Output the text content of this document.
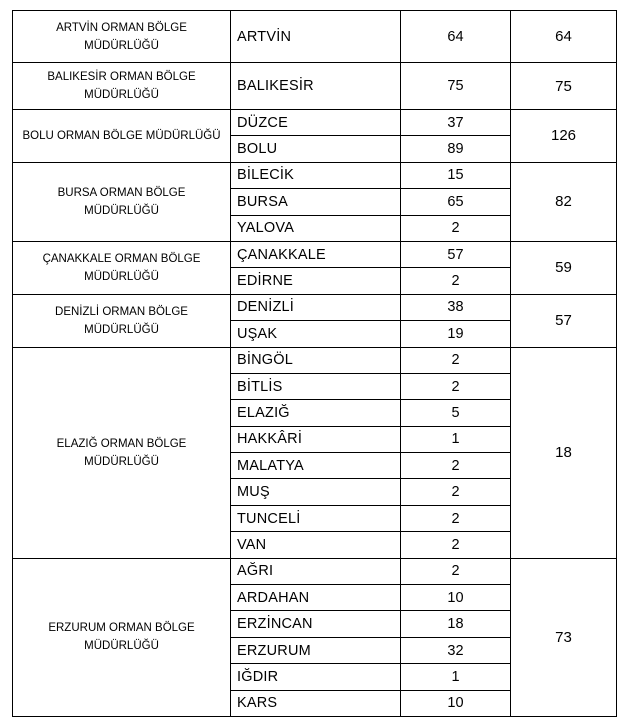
ARTVİN ORMAN BÖLGE MÜDÜRLÜĞÜ	ARTVİN	64	64
BALIKESİR ORMAN BÖLGE MÜDÜRLÜĞÜ	BALIKESİR	75	75
BOLU ORMAN BÖLGE MÜDÜRLÜĞÜ	DÜZCE	37	126
	BOLU	89	
BURSA ORMAN BÖLGE MÜDÜRLÜĞÜ	BİLECİK	15	82
	BURSA	65	
	YALOVA	2	
ÇANAKKALE ORMAN BÖLGE MÜDÜRLÜĞÜ	ÇANAKKALE	57	59
	EDİRNE	2	
DENİZLİ ORMAN BÖLGE MÜDÜRLÜĞÜ	DENİZLİ	38	57
	UŞAK	19	
ELAZIĞ ORMAN BÖLGE MÜDÜRLÜĞÜ	BİNGÖL	2	18
	BİTLİS	2	
	ELAZIĞ	5	
	HAKKÂRİ	1	
	MALATYA	2	
	MUŞ	2	
	TUNCELİ	2	
	VAN	2	
ERZURUM ORMAN BÖLGE MÜDÜRLÜĞÜ	AĞRI	2	73
	ARDAHAN	10	
	ERZİNCAN	18	
	ERZURUM	32	
	IĞDIR	1	
	KARS	10	
